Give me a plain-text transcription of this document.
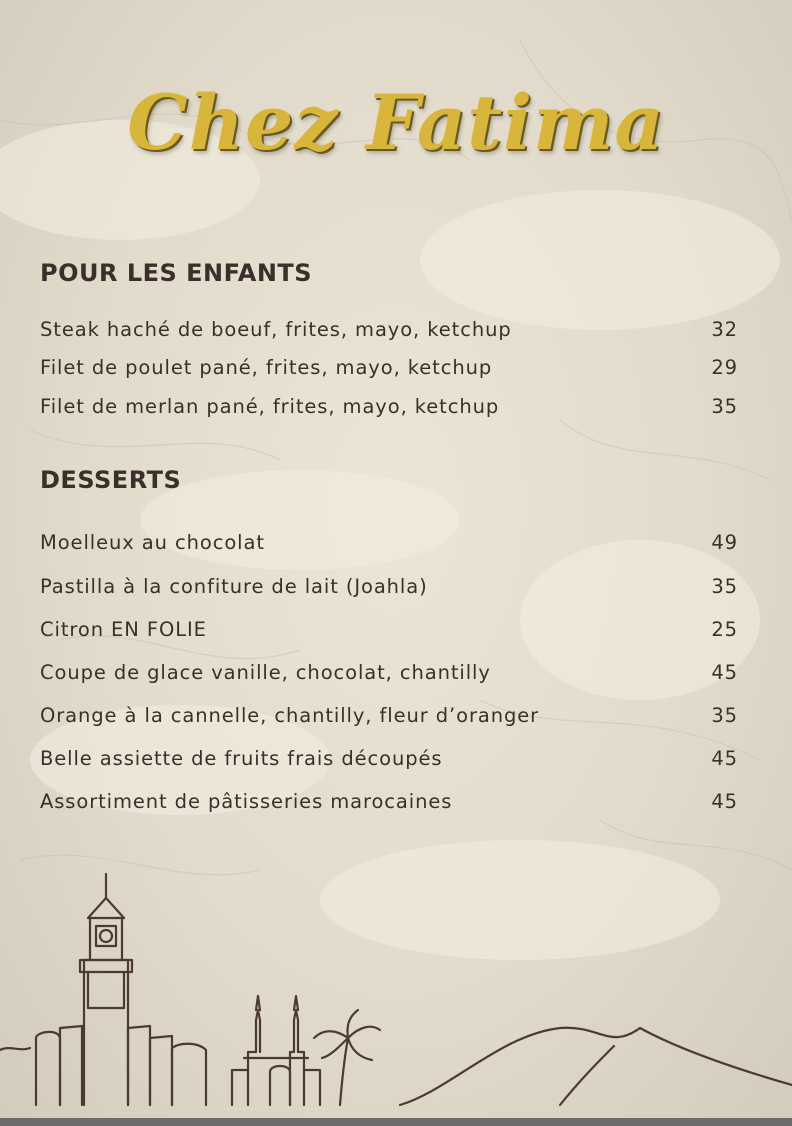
Chez Fatima
POUR LES ENFANTS
Steak haché de boeuf, frites, mayo, ketchup	32
Filet de poulet pané, frites, mayo, ketchup	29
Filet de merlan pané, frites, mayo, ketchup	35
DESSERTS
Moelleux au chocolat	49
Pastilla à la confiture de lait (Joahla)	35
Citron EN FOLIE	25
Coupe de glace vanille, chocolat, chantilly	45
Orange à la cannelle, chantilly, fleur d’oranger	35
Belle assiette de fruits frais découpés	45
Assortiment de pâtisseries marocaines	45
